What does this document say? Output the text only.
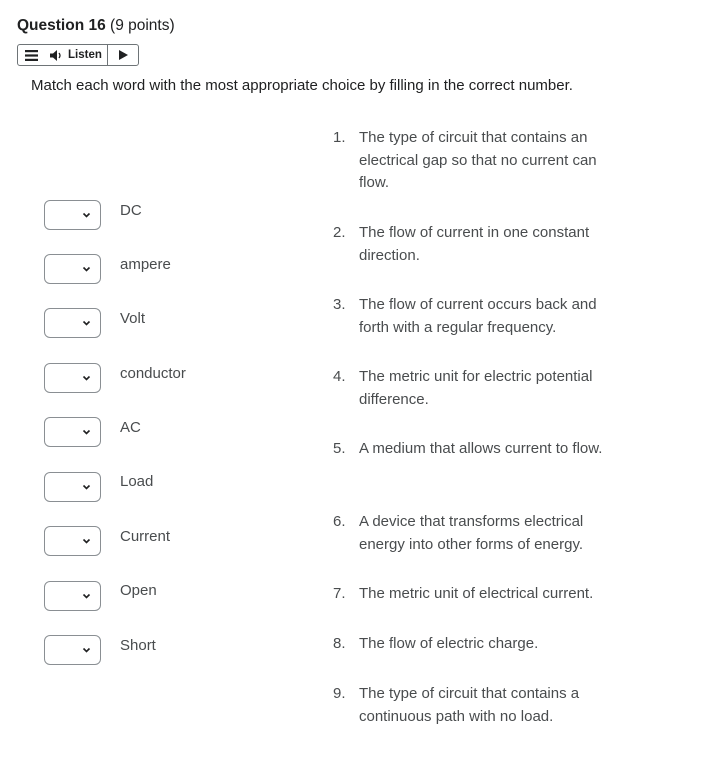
Question 16 (9 points)
Listen
Match each word with the most appropriate choice by filling in the correct number.
DC
ampere
Volt
conductor
AC
Load
Current
Open
Short
1. The type of circuit that contains an electrical gap so that no current can flow.
2. The flow of current in one constant direction.
3. The flow of current occurs back and forth with a regular frequency.
4. The metric unit for electric potential difference.
5. A medium that allows current to flow.
6. A device that transforms electrical energy into other forms of energy.
7. The metric unit of electrical current.
8. The flow of electric charge.
9. The type of circuit that contains a continuous path with no load.
